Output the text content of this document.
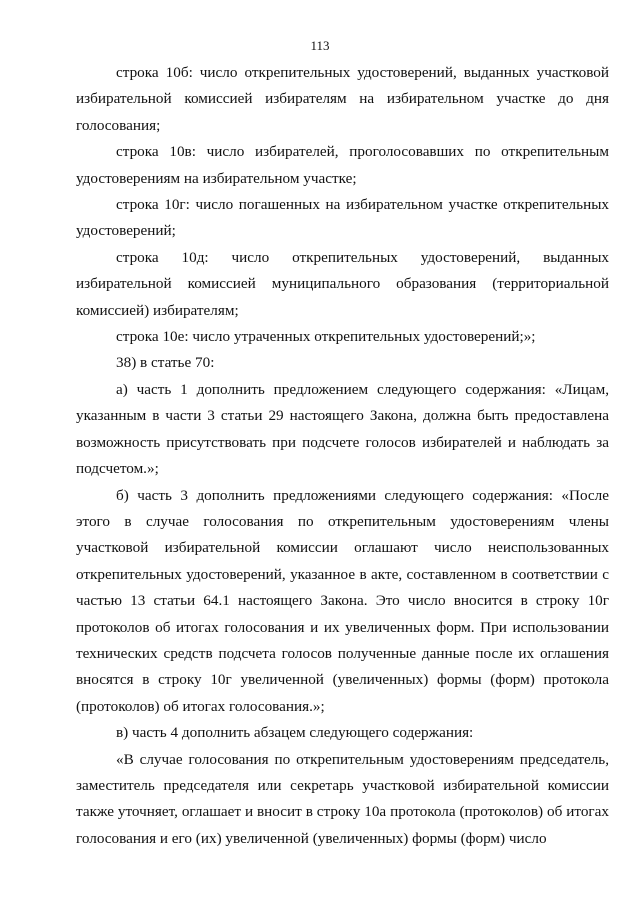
113

строка 10б: число открепительных удостоверений, выданных участковой избирательной комиссией избирателям на избирательном участке до дня голосования;

строка 10в: число избирателей, проголосовавших по открепительным удостоверениям на избирательном участке;

строка 10г: число погашенных на избирательном участке открепительных удостоверений;

строка 10д: число открепительных удостоверений, выданных избирательной комиссией муниципального образования (территориальной комиссией) избирателям;

строка 10е: число утраченных открепительных удостоверений;»;

38) в статье 70:

а) часть 1 дополнить предложением следующего содержания: «Лицам, указанным в части 3 статьи 29 настоящего Закона, должна быть предоставлена возможность присутствовать при подсчете голосов избирателей и наблюдать за подсчетом.»;

б) часть 3 дополнить предложениями следующего содержания: «После этого в случае голосования по открепительным удостоверениям члены участковой избирательной комиссии оглашают число неиспользованных открепительных удостоверений, указанное в акте, составленном в соответствии с частью 13 статьи 64.1 настоящего Закона. Это число вносится в строку 10г протоколов об итогах голосования и их увеличенных форм. При использовании технических средств подсчета голосов полученные данные после их оглашения вносятся в строку 10г увеличенной (увеличенных) формы (форм) протокола (протоколов) об итогах голосования.»;

в) часть 4 дополнить абзацем следующего содержания:

«В случае голосования по открепительным удостоверениям председатель, заместитель председателя или секретарь участковой избирательной комиссии также уточняет, оглашает и вносит в строку 10а протокола (протоколов) об итогах голосования и его (их) увеличенной (увеличенных) формы (форм) число
